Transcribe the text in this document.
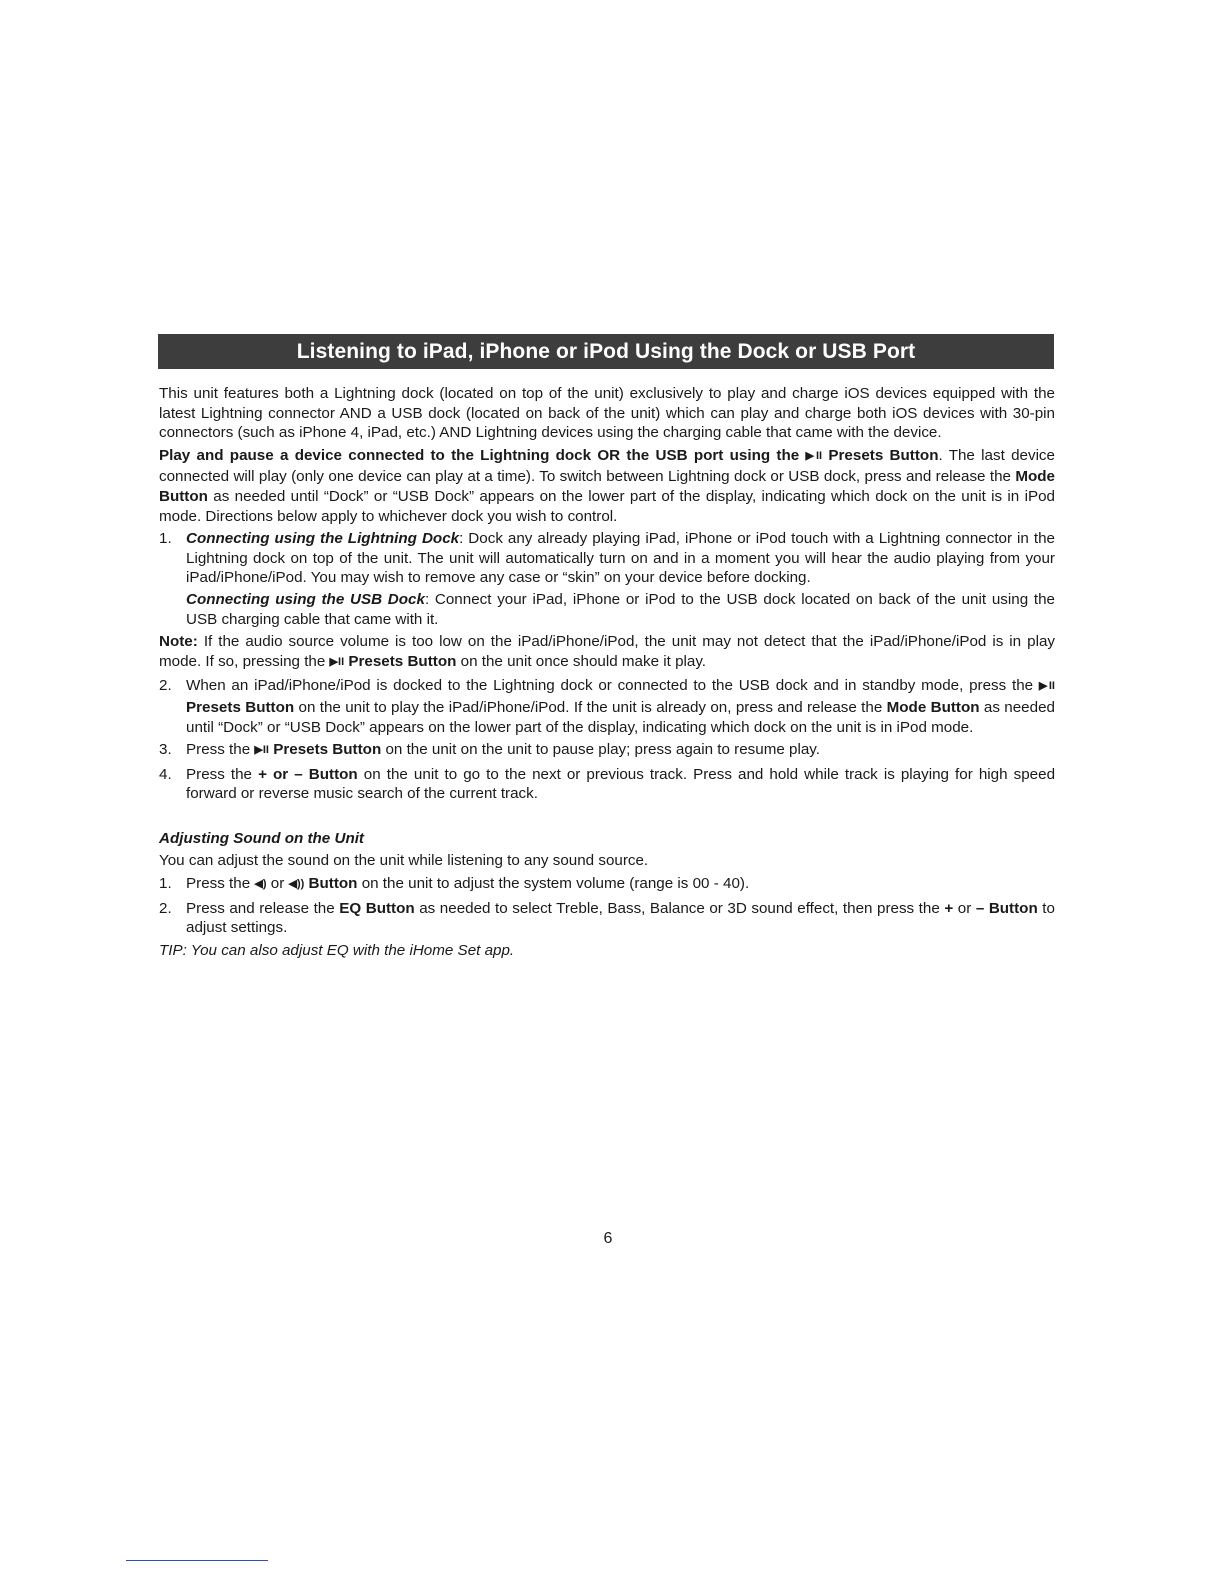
Listening to iPad, iPhone or iPod Using the Dock or USB Port

This unit features both a Lightning dock (located on top of the unit) exclusively to play and charge iOS devices equipped with the latest Lightning connector AND a USB dock (located on back of the unit) which can play and charge both iOS devices with 30-pin connectors (such as iPhone 4, iPad, etc.) AND Lightning devices using the charging cable that came with the device.

Play and pause a device connected to the Lightning dock OR the USB port using the ▶II Presets Button. The last device connected will play (only one device can play at a time). To switch between Lightning dock or USB dock, press and release the Mode Button as needed until “Dock” or “USB Dock” appears on the lower part of the display, indicating which dock on the unit is in iPod mode. Directions below apply to whichever dock you wish to control.

1. Connecting using the Lightning Dock: Dock any already playing iPad, iPhone or iPod touch with a Lightning connector in the Lightning dock on top of the unit. The unit will automatically turn on and in a moment you will hear the audio playing from your iPad/iPhone/iPod. You may wish to remove any case or “skin” on your device before docking.
Connecting using the USB Dock: Connect your iPad, iPhone or iPod to the USB dock located on back of the unit using the USB charging cable that came with it.

Note: If the audio source volume is too low on the iPad/iPhone/iPod, the unit may not detect that the iPad/iPhone/iPod is in play mode. If so, pressing the ▶II Presets Button on the unit once should make it play.

2. When an iPad/iPhone/iPod is docked to the Lightning dock or connected to the USB dock and in standby mode, press the ▶II Presets Button on the unit to play the iPad/iPhone/iPod. If the unit is already on, press and release the Mode Button as needed until “Dock” or “USB Dock” appears on the lower part of the display, indicating which dock on the unit is in iPod mode.
3. Press the ▶II Presets Button on the unit on the unit to pause play; press again to resume play.
4. Press the + or – Button on the unit to go to the next or previous track. Press and hold while track is playing for high speed forward or reverse music search of the current track.
Adjusting Sound on the Unit

You can adjust the sound on the unit while listening to any sound source.

1. Press the ◀) or ◀)) Button on the unit to adjust the system volume (range is 00 - 40).
2. Press and release the EQ Button as needed to select Treble, Bass, Balance or 3D sound effect, then press the + or – Button to adjust settings.
TIP: You can also adjust EQ with the iHome Set app.
6
